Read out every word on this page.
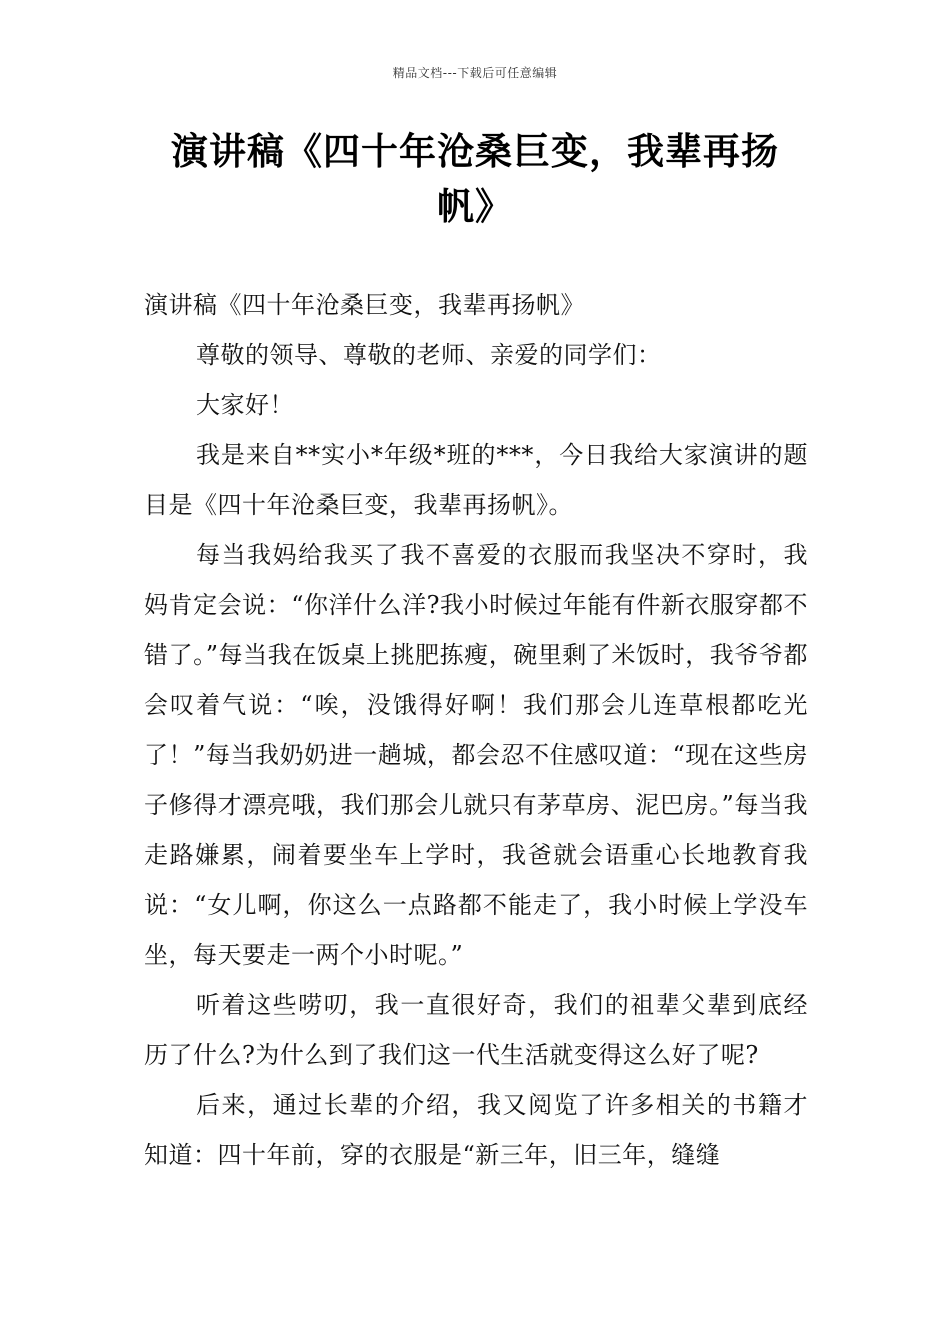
精品文档---下载后可任意编辑
演讲稿《四十年沧桑巨变，我辈再扬帆》

演讲稿《四十年沧桑巨变，我辈再扬帆》

尊敬的领导、尊敬的老师、亲爱的同学们：

大家好！

我是来自**实小*年级*班的***，今日我给大家演讲的题目是《四十年沧桑巨变，我辈再扬帆》。

每当我妈给我买了我不喜爱的衣服而我坚决不穿时，我妈肯定会说：“你洋什么洋?我小时候过年能有件新衣服穿都不错了。”每当我在饭桌上挑肥拣瘦，碗里剩了米饭时，我爷爷都会叹着气说：“唉，没饿得好啊！我们那会儿连草根都吃光了！”每当我奶奶进一趟城，都会忍不住感叹道：“现在这些房子修得才漂亮哦，我们那会儿就只有茅草房、泥巴房。”每当我走路嫌累，闹着要坐车上学时，我爸就会语重心长地教育我说：“女儿啊，你这么一点路都不能走了，我小时候上学没车坐，每天要走一两个小时呢。”

听着这些唠叨，我一直很好奇，我们的祖辈父辈到底经历了什么?为什么到了我们这一代生活就变得这么好了呢?

后来，通过长辈的介绍，我又阅览了许多相关的书籍才知道：四十年前，穿的衣服是“新三年，旧三年，缝缝
